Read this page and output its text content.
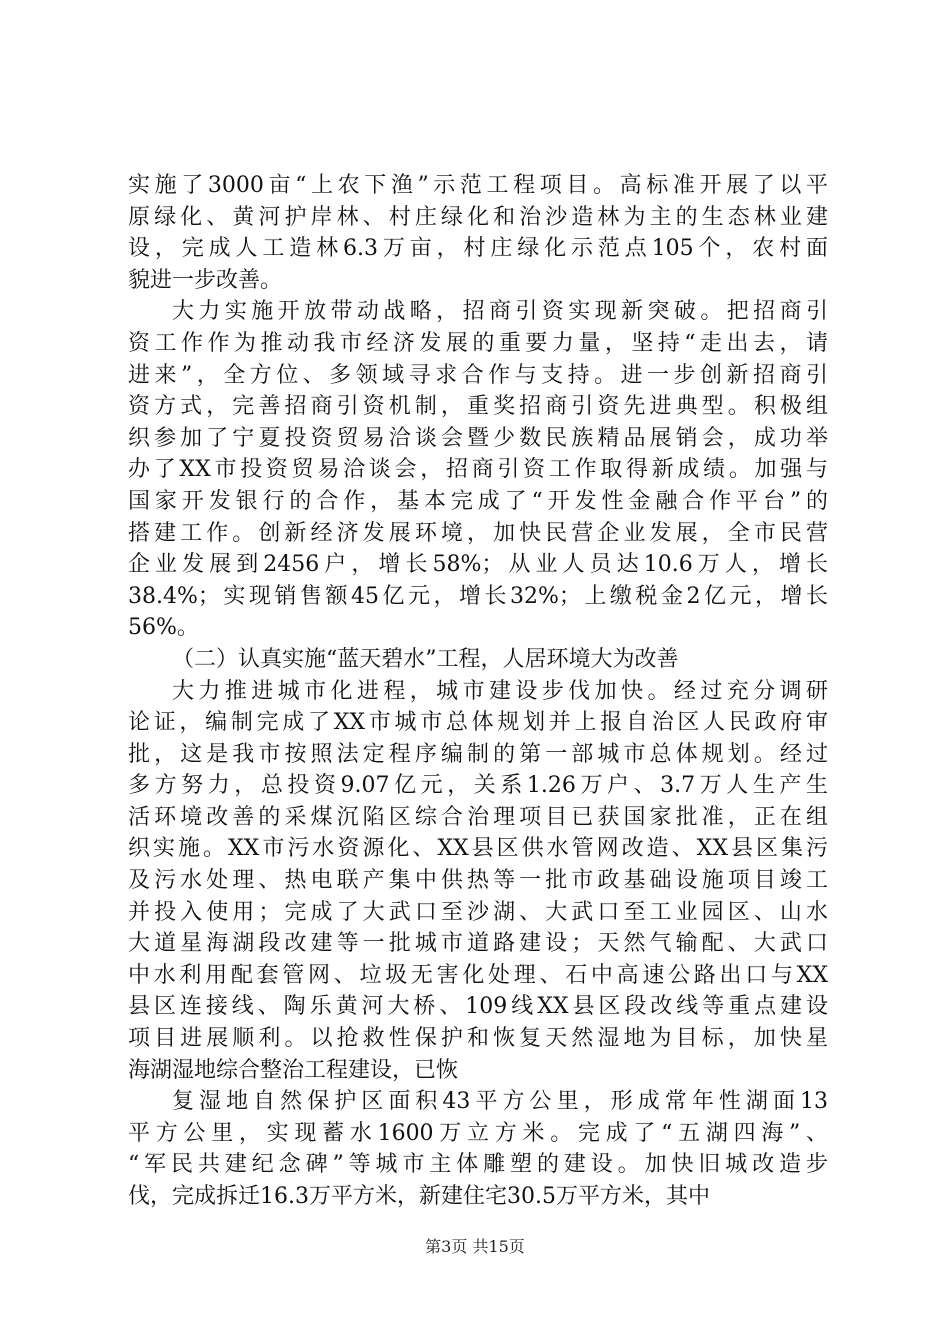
实施了3000亩“上农下渔”示范工程项目。高标准开展了以平
原绿化、黄河护岸林、村庄绿化和治沙造林为主的生态林业建
设，完成人工造林6.3万亩，村庄绿化示范点105个，农村面
貌进一步改善。
大力实施开放带动战略，招商引资实现新突破。把招商引
资工作作为推动我市经济发展的重要力量，坚持“走出去，请
进来”，全方位、多领域寻求合作与支持。进一步创新招商引
资方式，完善招商引资机制，重奖招商引资先进典型。积极组
织参加了宁夏投资贸易洽谈会暨少数民族精品展销会，成功举
办了XX市投资贸易洽谈会，招商引资工作取得新成绩。加强与
国家开发银行的合作，基本完成了“开发性金融合作平台”的
搭建工作。创新经济发展环境，加快民营企业发展，全市民营
企业发展到2456户，增长58%；从业人员达10.6万人，增长
38.4%；实现销售额45亿元，增长32%；上缴税金2亿元，增长
56%。
（二）认真实施“蓝天碧水”工程，人居环境大为改善
大力推进城市化进程，城市建设步伐加快。经过充分调研
论证，编制完成了XX市城市总体规划并上报自治区人民政府审
批，这是我市按照法定程序编制的第一部城市总体规划。经过
多方努力，总投资9.07亿元，关系1.26万户、3.7万人生产生
活环境改善的采煤沉陷区综合治理项目已获国家批准，正在组
织实施。XX市污水资源化、XX县区供水管网改造、XX县区集污
及污水处理、热电联产集中供热等一批市政基础设施项目竣工
并投入使用；完成了大武口至沙湖、大武口至工业园区、山水
大道星海湖段改建等一批城市道路建设；天然气输配、大武口
中水利用配套管网、垃圾无害化处理、石中高速公路出口与XX
县区连接线、陶乐黄河大桥、109线XX县区段改线等重点建设
项目进展顺利。以抢救性保护和恢复天然湿地为目标，加快星
海湖湿地综合整治工程建设，已恢
复湿地自然保护区面积43平方公里，形成常年性湖面13
平方公里，实现蓄水1600万立方米。完成了“五湖四海”、
“军民共建纪念碑”等城市主体雕塑的建设。加快旧城改造步
伐，完成拆迁16.3万平方米，新建住宅30.5万平方米，其中
第3页 共15页
